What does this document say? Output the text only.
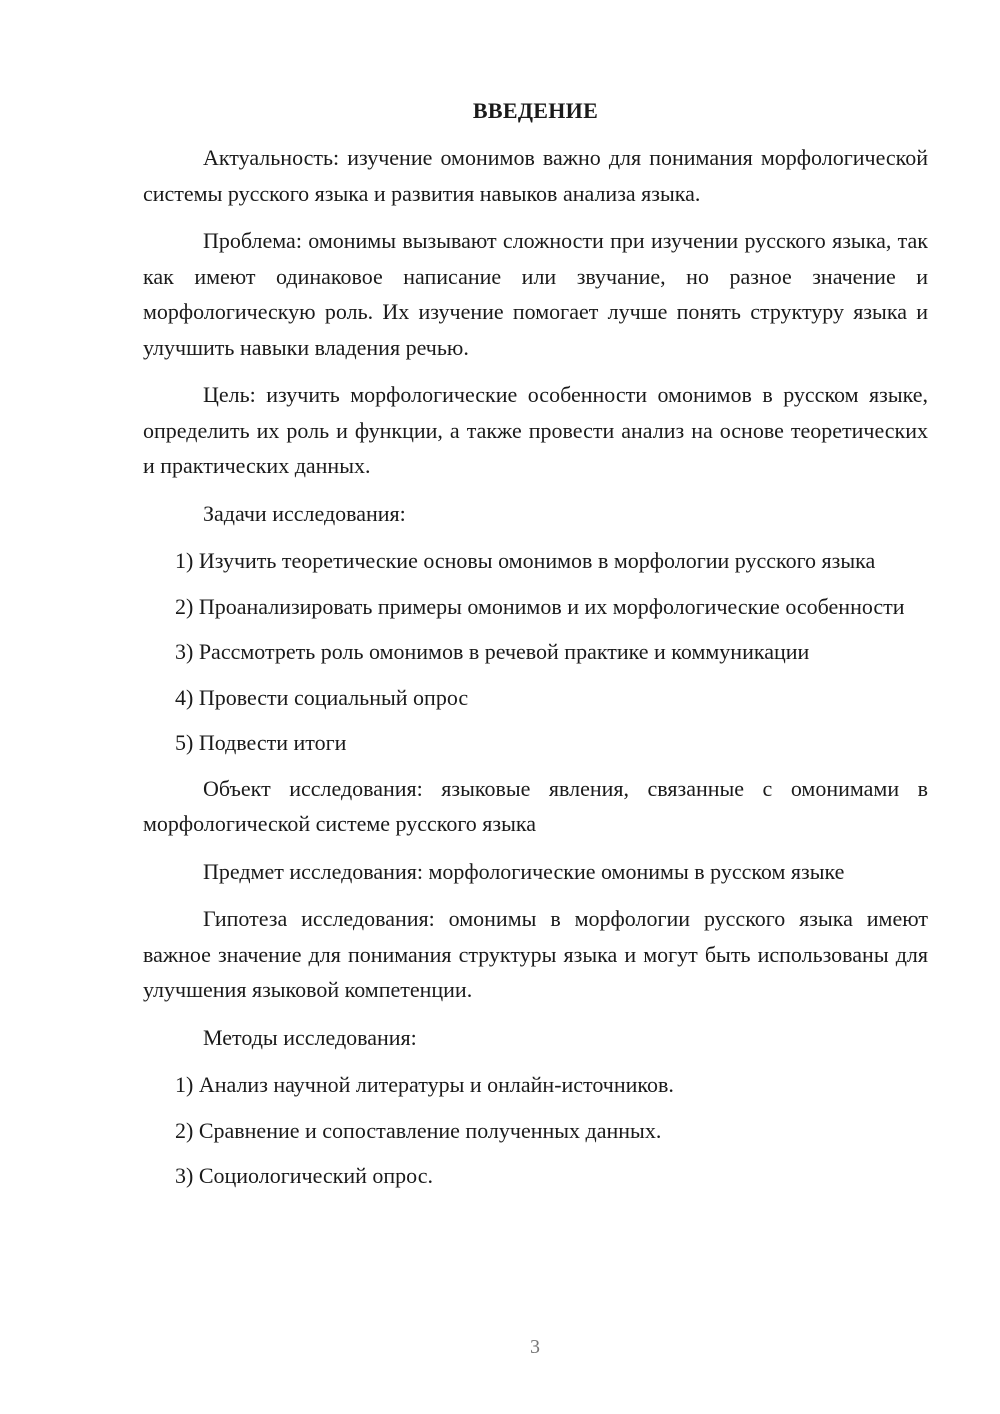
ВВЕДЕНИЕ

Актуальность: изучение омонимов важно для понимания морфологической системы русского языка и развития навыков анализа языка.

Проблема: омонимы вызывают сложности при изучении русского языка, так как имеют одинаковое написание или звучание, но разное значение и морфологическую роль. Их изучение помогает лучше понять структуру языка и улучшить навыки владения речью.

Цель: изучить морфологические особенности омонимов в русском языке, определить их роль и функции, а также провести анализ на основе теоретических и практических данных.

Задачи исследования:

1) Изучить теоретические основы омонимов в морфологии русского языка

2) Проанализировать примеры омонимов и их морфологические особенности

3) Рассмотреть роль омонимов в речевой практике и коммуникации

4) Провести социальный опрос

5) Подвести итоги

Объект исследования: языковые явления, связанные с омонимами в морфологической системе русского языка

Предмет исследования: морфологические омонимы в русском языке

Гипотеза исследования: омонимы в морфологии русского языка имеют важное значение для понимания структуры языка и могут быть использованы для улучшения языковой компетенции.

Методы исследования:

1) Анализ научной литературы и онлайн-источников.

2) Сравнение и сопоставление полученных данных.

3) Социологический опрос.

3
